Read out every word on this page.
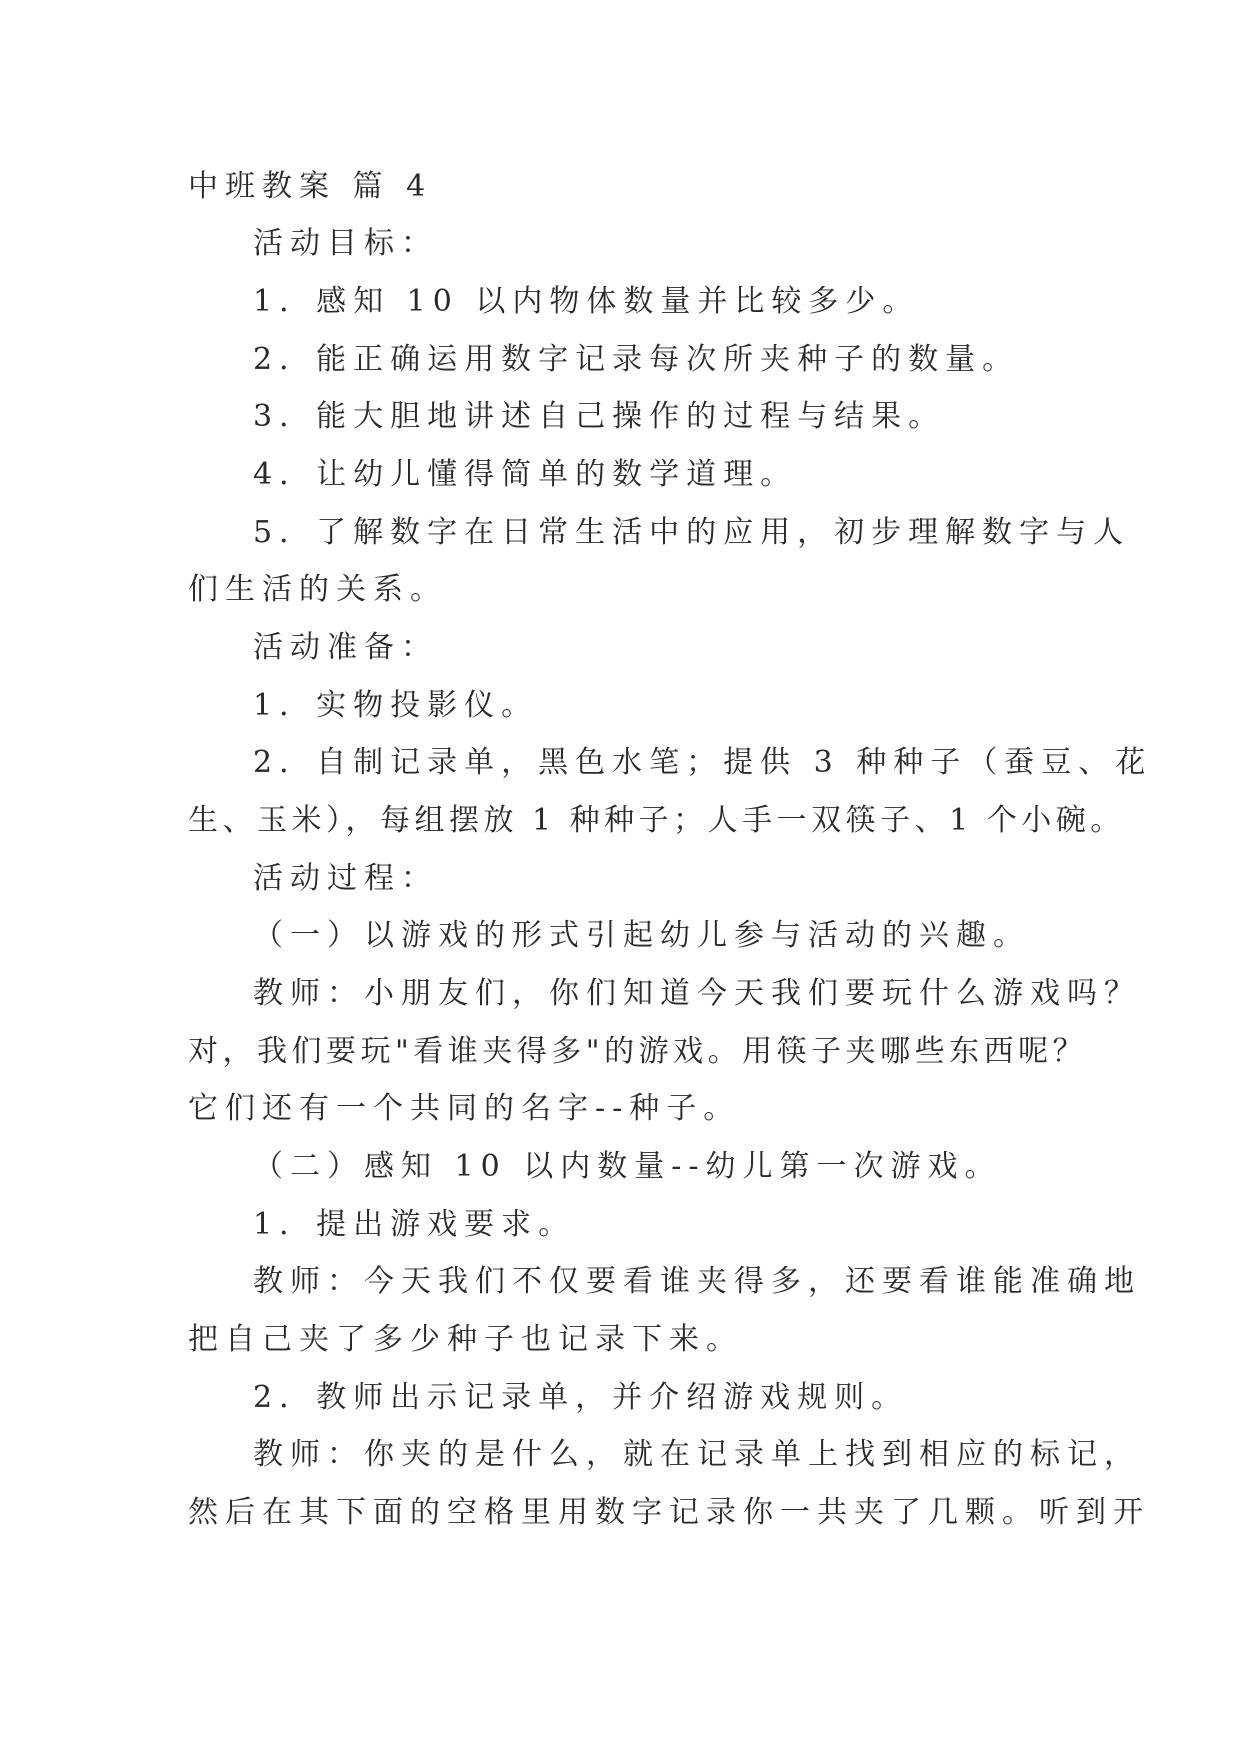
中班教案 篇 4
活动目标：
1．感知 10 以内物体数量并比较多少。
2．能正确运用数字记录每次所夹种子的数量。
3．能大胆地讲述自己操作的过程与结果。
4．让幼儿懂得简单的数学道理。
5．了解数字在日常生活中的应用，初步理解数字与人
们生活的关系。
活动准备：
1．实物投影仪。
2．自制记录单，黑色水笔；提供 3 种种子（蚕豆、花
生、玉米），每组摆放 1 种种子；人手一双筷子、1 个小碗。
活动过程：
（一）以游戏的形式引起幼儿参与活动的兴趣。
教师：小朋友们，你们知道今天我们要玩什么游戏吗？
对，我们要玩"看谁夹得多"的游戏。用筷子夹哪些东西呢？
它们还有一个共同的名字--种子。
（二）感知 10 以内数量--幼儿第一次游戏。
1．提出游戏要求。
教师：今天我们不仅要看谁夹得多，还要看谁能准确地
把自己夹了多少种子也记录下来。
2．教师出示记录单，并介绍游戏规则。
教师：你夹的是什么，就在记录单上找到相应的标记，
然后在其下面的空格里用数字记录你一共夹了几颗。听到开
